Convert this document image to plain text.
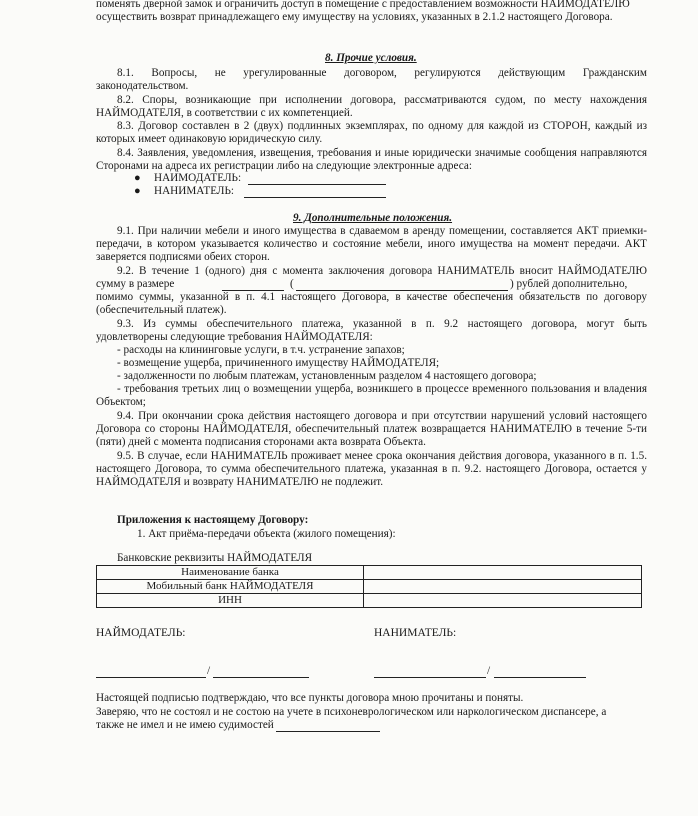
поменять дверной замок и ограничить доступ в помещение с предоставлением возможности НАИМОДАТЕЛЮ
осуществить возврат принадлежащего ему имуществу на условиях, указанных в 2.1.2 настоящего Договора.
8. Прочие условия.
8.1. Вопросы, не урегулированные договором, регулируются действующим Гражданским
законодательством.
8.2. Споры, возникающие при исполнении договора, рассматриваются судом, по месту нахождения
НАЙМОДАТЕЛЯ, в соответствии с их компетенцией.
8.3. Договор составлен в 2 (двух) подлинных экземплярах, по одному для каждой из СТОРОН, каждый из
которых имеет одинаковую юридическую силу.
8.4. Заявления, уведомления, извещения, требования и иные юридически значимые сообщения направляются
Сторонами на адреса их регистрации либо на следующие электронные адреса:
● НАИМОДАТЕЛЬ:
● НАНИМАТЕЛЬ:
9. Дополнительные положения.
9.1. При наличии мебели и иного имущества в сдаваемом в аренду помещении, составляется АКТ приемки-
передачи, в котором указывается количество и состояние мебели, иного имущества на момент передачи. АКТ
заверяется подписями обеих сторон.
9.2. В течение 1 (одного) дня с момента заключения договора НАНИМАТЕЛЬ вносит НАЙМОДАТЕЛЮ
сумму в размере	(	) рублей дополнительно,
помимо суммы, указанной в п. 4.1 настоящего Договора, в качестве обеспечения обязательств по договору
(обеспечительный платеж).
9.3. Из суммы обеспечительного платежа, указанной в п. 9.2 настоящего договора, могут быть
удовлетворены следующие требования НАЙМОДАТЕЛЯ:
- расходы на клининговые услуги, в т.ч. устранение запахов;
- возмещение ущерба, причиненного имуществу НАЙМОДАТЕЛЯ;
- задолженности по любым платежам, установленным разделом 4 настоящего договора;
- требования третьих лиц о возмещении ущерба, возникшего в процессе временного пользования и владения
Объектом;
9.4. При окончании срока действия настоящего договора и при отсутствии нарушений условий настоящего
Договора со стороны НАЙМОДАТЕЛЯ, обеспечительный платеж возвращается НАНИМАТЕЛЮ в течение 5-ти
(пяти) дней с момента подписания сторонами акта возврата Объекта.
9.5. В случае, если НАНИМАТЕЛЬ проживает менее срока окончания действия договора, указанного в п. 1.5.
настоящего Договора, то сумма обеспечительного платежа, указанная в п. 9.2. настоящего Договора, остается у
НАЙМОДАТЕЛЯ и возврату НАНИМАТЕЛЮ не подлежит.
Приложения к настоящему Договору:
1. Акт приёма-передачи объекта (жилого помещения):
Банковские реквизиты НАЙМОДАТЕЛЯ
Наименование банка	
Мобильный банк НАЙМОДАТЕЛЯ	
ИНН	
НАЙМОДАТЕЛЬ:	НАНИМАТЕЛЬ:
/	/
Настоящей подписью подтверждаю, что все пункты договора мною прочитаны и поняты.
Заверяю, что не состоял и не состою на учете в психоневрологическом или наркологическом диспансере, а
также не имел и не имею судимостей
